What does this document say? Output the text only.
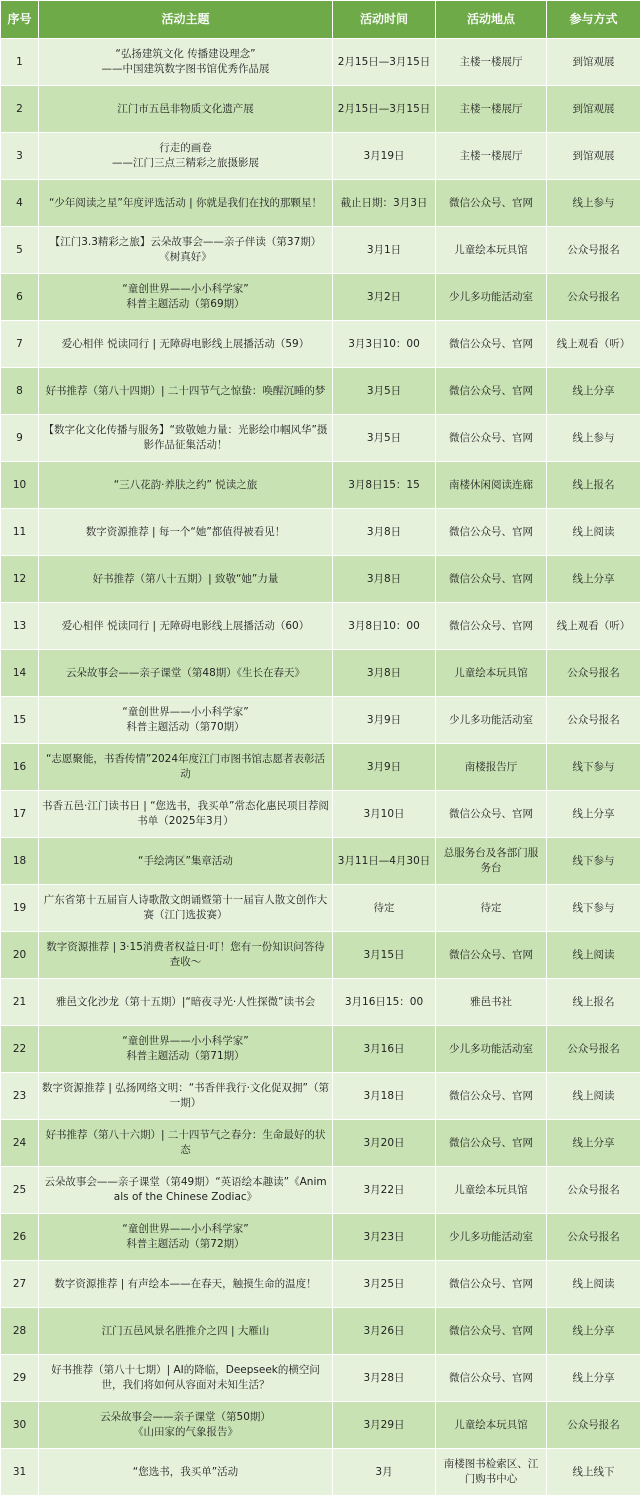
序号	活动主题	活动时间	活动地点	参与方式
1	“弘扬建筑文化 传播建设理念”
——中国建筑数字图书馆优秀作品展	2月15日—3月15日	主楼一楼展厅	到馆观展
2	江门市五邑非物质文化遗产展	2月15日—3月15日	主楼一楼展厅	到馆观展
3	行走的画卷
——江门三点三精彩之旅摄影展	3月19日	主楼一楼展厅	到馆观展
4	“少年阅读之星”年度评选活动 | 你就是我们在找的那颗星！	截止日期：3月3日	微信公众号、官网	线上参与
5	【江门3.3精彩之旅】云朵故事会——亲子伴读（第37期）《树真好》	3月1日	儿童绘本玩具馆	公众号报名
6	“童创世界——小小科学家”
科普主题活动（第69期）	3月2日	少儿多功能活动室	公众号报名
7	爱心相伴 悦读同行 | 无障碍电影线上展播活动（59）	3月3日10：00	微信公众号、官网	线上观看（听）
8	好书推荐（第八十四期）| 二十四节气之惊蛰：唤醒沉睡的梦	3月5日	微信公众号、官网	线上分享
9	【数字化文化传播与服务】“致敬她力量：光影绘巾帼风华”摄影作品征集活动！	3月5日	微信公众号、官网	线上参与
10	“三八花韵·养肤之约” 悦读之旅	3月8日15：15	南楼休闲阅读连廊	线上报名
11	数字资源推荐 | 每一个“她”都值得被看见！	3月8日	微信公众号、官网	线上阅读
12	好书推荐（第八十五期）| 致敬“她”力量	3月8日	微信公众号、官网	线上分享
13	爱心相伴 悦读同行 | 无障碍电影线上展播活动（60）	3月8日10：00	微信公众号、官网	线上观看（听）
14	云朵故事会——亲子课堂（第48期）《生长在春天》	3月8日	儿童绘本玩具馆	公众号报名
15	“童创世界——小小科学家”
科普主题活动（第70期）	3月9日	少儿多功能活动室	公众号报名
16	“志愿聚能，书香传情”2024年度江门市图书馆志愿者表彰活动	3月9日	南楼报告厅	线下参与
17	书香五邑·江门读书日 | “您选书，我买单”常态化惠民项目荐阅书单（2025年3月）	3月10日	微信公众号、官网	线上分享
18	“手绘湾区”集章活动	3月11日—4月30日	总服务台及各部门服务台	线下参与
19	广东省第十五届盲人诗歌散文朗诵暨第十一届盲人散文创作大赛（江门选拔赛）	待定	待定	线下参与
20	数字资源推荐 | 3·15消费者权益日·叮！您有一份知识问答待查收～	3月15日	微信公众号、官网	线上阅读
21	雅邑文化沙龙（第十五期）|“暗夜寻光·人性探微”读书会	3月16日15：00	雅邑书社	线上报名
22	“童创世界——小小科学家”
科普主题活动（第71期）	3月16日	少儿多功能活动室	公众号报名
23	数字资源推荐 | 弘扬网络文明：“书香伴我行·文化促双拥”（第一期）	3月18日	微信公众号、官网	线上阅读
24	好书推荐（第八十六期）| 二十四节气之春分：生命最好的状态	3月20日	微信公众号、官网	线上分享
25	云朵故事会——亲子课堂（第49期）“英语绘本趣读”《Animals of the Chinese Zodiac》	3月22日	儿童绘本玩具馆	公众号报名
26	“童创世界——小小科学家”
科普主题活动（第72期）	3月23日	少儿多功能活动室	公众号报名
27	数字资源推荐 | 有声绘本——在春天，触摸生命的温度！	3月25日	微信公众号、官网	线上阅读
28	江门五邑风景名胜推介之四 | 大雁山	3月26日	微信公众号、官网	线上分享
29	好书推荐（第八十七期）| AI的降临，Deepseek的横空问世，我们将如何从容面对未知生活？	3月28日	微信公众号、官网	线上分享
30	云朵故事会——亲子课堂（第50期）
《山田家的气象报告》	3月29日	儿童绘本玩具馆	公众号报名
31	“您选书，我买单”活动	3月	南楼图书检索区、江门购书中心	线上线下
